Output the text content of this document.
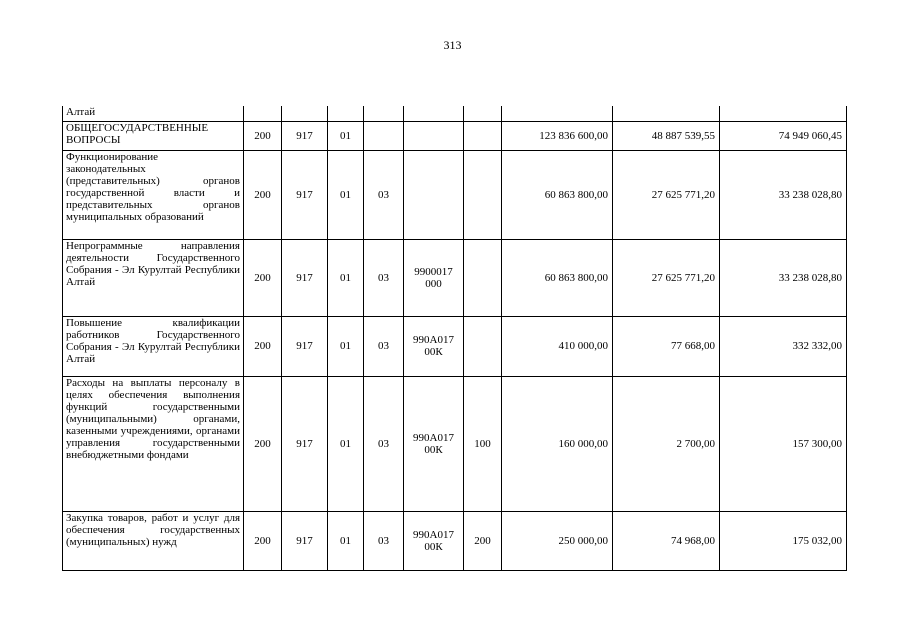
313
Алтай									
ОБЩЕГОСУДАРСТВЕННЫЕ ВОПРОСЫ	200	917	01				123 836 600,00	48 887 539,55	74 949 060,45
Функционирование законодательных (представительных) органов государственной власти и представительных органов муниципальных образований	200	917	01	03			60 863 800,00	27 625 771,20	33 238 028,80
Непрограммные направления деятельности Государственного Собрания - Эл Курултай Республики Алтай	200	917	01	03	9900017 000		60 863 800,00	27 625 771,20	33 238 028,80
Повышение квалификации работников Государственного Собрания - Эл Курултай Республики Алтай	200	917	01	03	990А017 00К		410 000,00	77 668,00	332 332,00
Расходы на выплаты персоналу в целях обеспечения выполнения функций государственными (муниципальными) органами, казенными учреждениями, органами управления государственными внебюджетными фондами	200	917	01	03	990А017 00К	100	160 000,00	2 700,00	157 300,00
Закупка товаров, работ и услуг для обеспечения государственных (муниципальных) нужд	200	917	01	03	990А017 00К	200	250 000,00	74 968,00	175 032,00
